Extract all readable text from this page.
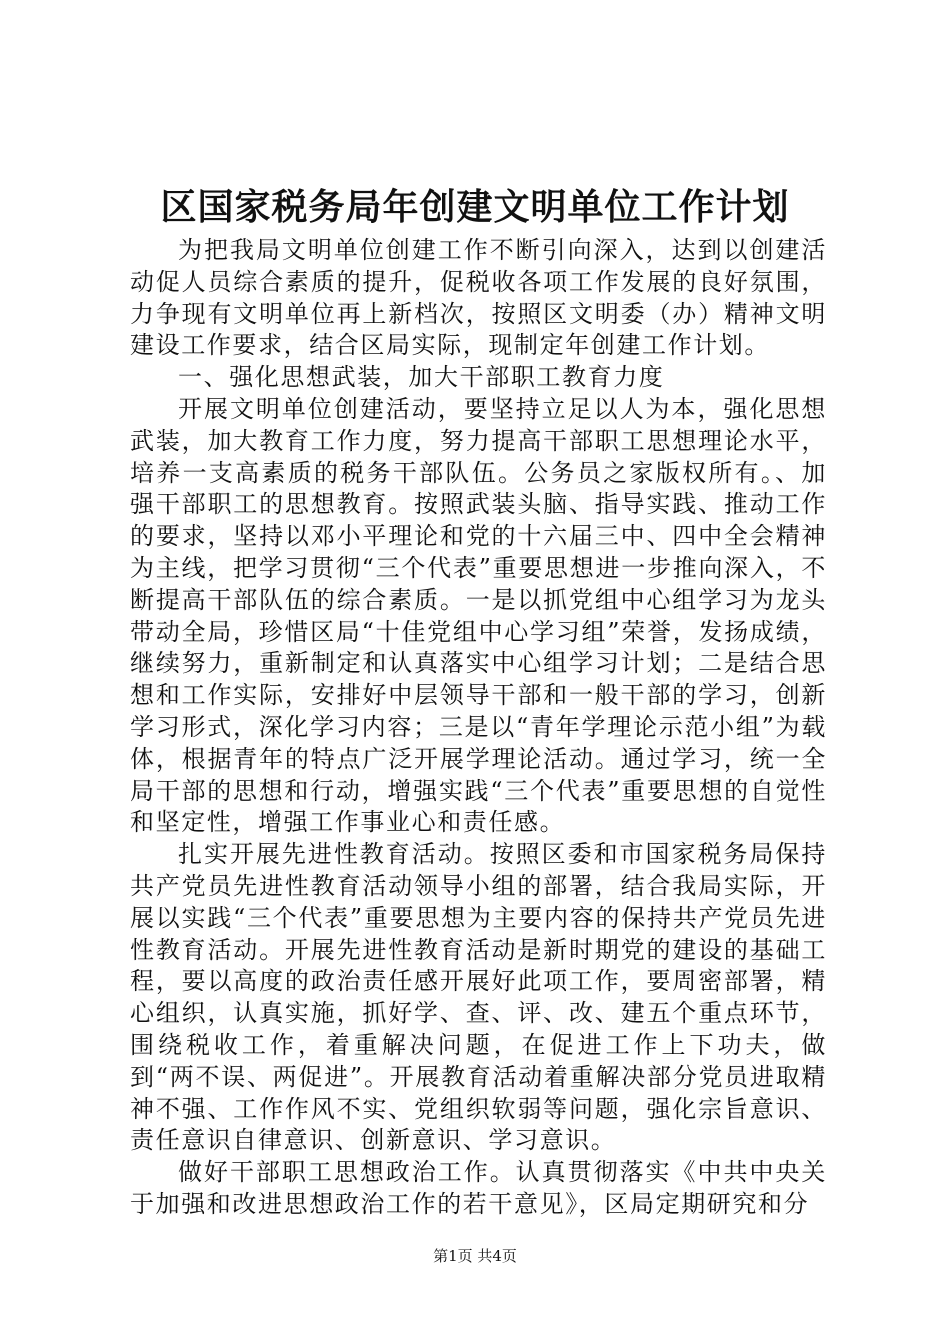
区国家税务局年创建文明单位工作计划

为把我局文明单位创建工作不断引向深入，达到以创建活动促人员综合素质的提升，促税收各项工作发展的良好氛围，力争现有文明单位再上新档次，按照区文明委（办）精神文明建设工作要求，结合区局实际，现制定年创建工作计划。

一、强化思想武装，加大干部职工教育力度

开展文明单位创建活动，要坚持立足以人为本，强化思想武装，加大教育工作力度，努力提高干部职工思想理论水平，培养一支高素质的税务干部队伍。公务员之家版权所有。、加强干部职工的思想教育。按照武装头脑、指导实践、推动工作的要求，坚持以邓小平理论和党的十六届三中、四中全会精神为主线，把学习贯彻“三个代表”重要思想进一步推向深入，不断提高干部队伍的综合素质。一是以抓党组中心组学习为龙头带动全局，珍惜区局“十佳党组中心学习组”荣誉，发扬成绩，继续努力，重新制定和认真落实中心组学习计划；二是结合思想和工作实际，安排好中层领导干部和一般干部的学习，创新学习形式，深化学习内容；三是以“青年学理论示范小组”为载体，根据青年的特点广泛开展学理论活动。通过学习，统一全局干部的思想和行动，增强实践“三个代表”重要思想的自觉性和坚定性，增强工作事业心和责任感。

扎实开展先进性教育活动。按照区委和市国家税务局保持共产党员先进性教育活动领导小组的部署，结合我局实际，开展以实践“三个代表”重要思想为主要内容的保持共产党员先进性教育活动。开展先进性教育活动是新时期党的建设的基础工程，要以高度的政治责任感开展好此项工作，要周密部署，精心组织，认真实施，抓好学、查、评、改、建五个重点环节，围绕税收工作，着重解决问题，在促进工作上下功夫，做到“两不误、两促进”。开展教育活动着重解决部分党员进取精神不强、工作作风不实、党组织软弱等问题，强化宗旨意识、责任意识自律意识、创新意识、学习意识。

做好干部职工思想政治工作。认真贯彻落实《中共中央关于加强和改进思想政治工作的若干意见》，区局定期研究和分

第1页 共4页
